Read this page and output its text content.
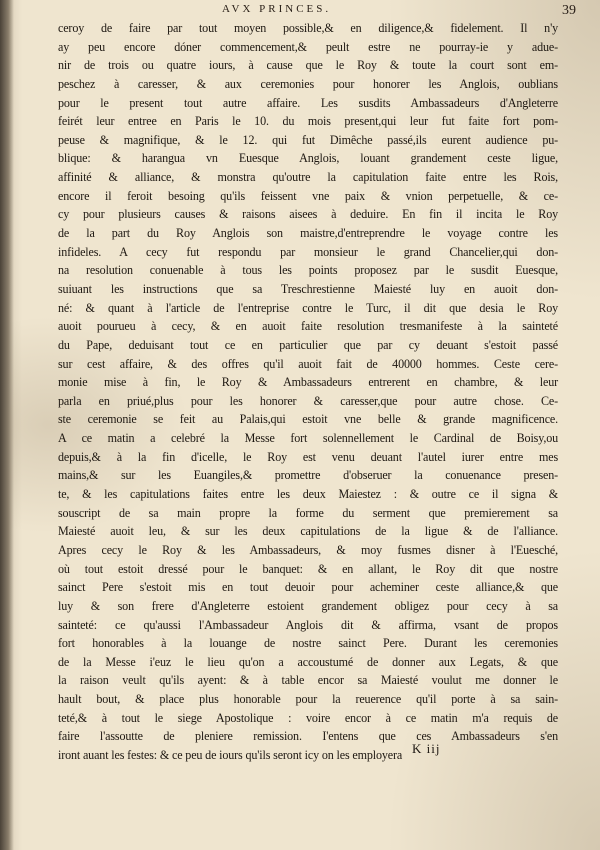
AVX PRINCES.	39
ceroy de faire par tout moyen possible,& en diligence,& fidelement. Il n'y
ay peu encore dóner commencement,& peult estre ne pourray-ie y adue-
nir de trois ou quatre iours, à cause que le Roy & toute la court sont em-
peschez à caresser, & aux ceremonies pour honorer les Anglois, oublians
pour le present tout autre affaire. Les susdits Ambassadeurs d'Angleterre
feirét leur entree en Paris le 10. du mois present,qui leur fut faite fort pom-
peuse & magnifique, & le 12. qui fut Dimêche passé,ils eurent audience pu-
blique: & harangua vn Euesque Anglois, louant grandement ceste ligue,
affinité & alliance, & monstra qu'outre la capitulation faite entre les Rois,
encore il feroit besoing qu'ils feissent vne paix & vnion perpetuelle, & ce-
cy pour plusieurs causes & raisons aisees à deduire. En fin il incita le Roy
de la part du Roy Anglois son maistre,d'entreprendre le voyage contre les
infideles. A cecy fut respondu par monsieur le grand Chancelier,qui don-
na resolution conuenable à tous les points proposez par le susdit Euesque,
suiuant les instructions que sa Treschrestienne Maiesté luy en auoit don-
né: & quant à l'article de l'entreprise contre le Turc, il dit que desia le Roy
auoit pourueu à cecy, & en auoit faite resolution tresmanifeste à la sainteté
du Pape, deduisant tout ce en particulier que par cy deuant s'estoit passé
sur cest affaire, & des offres qu'il auoit fait de 40000 hommes. Ceste cere-
monie mise à fin, le Roy & Ambassadeurs entrerent en chambre, & leur
parla en priué,plus pour les honorer & caresser,que pour autre chose. Ce-
ste ceremonie se feit au Palais,qui estoit vne belle & grande magnificence.
A ce matin a celebré la Messe fort solennellement le Cardinal de Boisy,ou
depuis,& à la fin d'icelle, le Roy est venu deuant l'autel iurer entre mes
mains,& sur les Euangiles,& promettre d'obseruer la conuenance presen-
te, & les capitulations faites entre les deux Maiestez : & outre ce il signa &
souscript de sa main propre la forme du serment que premierement sa
Maiesté auoit leu, & sur les deux capitulations de la ligue & de l'alliance.
Apres cecy le Roy & les Ambassadeurs, & moy fusmes disner à l'Euesché,
où tout estoit dressé pour le banquet: & en allant, le Roy dit que nostre
sainct Pere s'estoit mis en tout deuoir pour acheminer ceste alliance,& que
luy & son frere d'Angleterre estoient grandement obligez pour cecy à sa
sainteté: ce qu'aussi l'Ambassadeur Anglois dit & affirma, vsant de propos
fort honorables à la louange de nostre sainct Pere. Durant les ceremonies
de la Messe i'euz le lieu qu'on a accoustumé de donner aux Legats, & que
la raison veult qu'ils ayent: & à table encor sa Maiesté voulut me donner le
hault bout, & place plus honorable pour la reuerence qu'il porte à sa sain-
teté,& à tout le siege Apostolique : voire encor à ce matin m'a requis de
faire l'assoutte de pleniere remission. I'entens que ces Ambassadeurs s'en
iront auant les festes: & ce peu de iours qu'ils seront icy on les employera K iij
